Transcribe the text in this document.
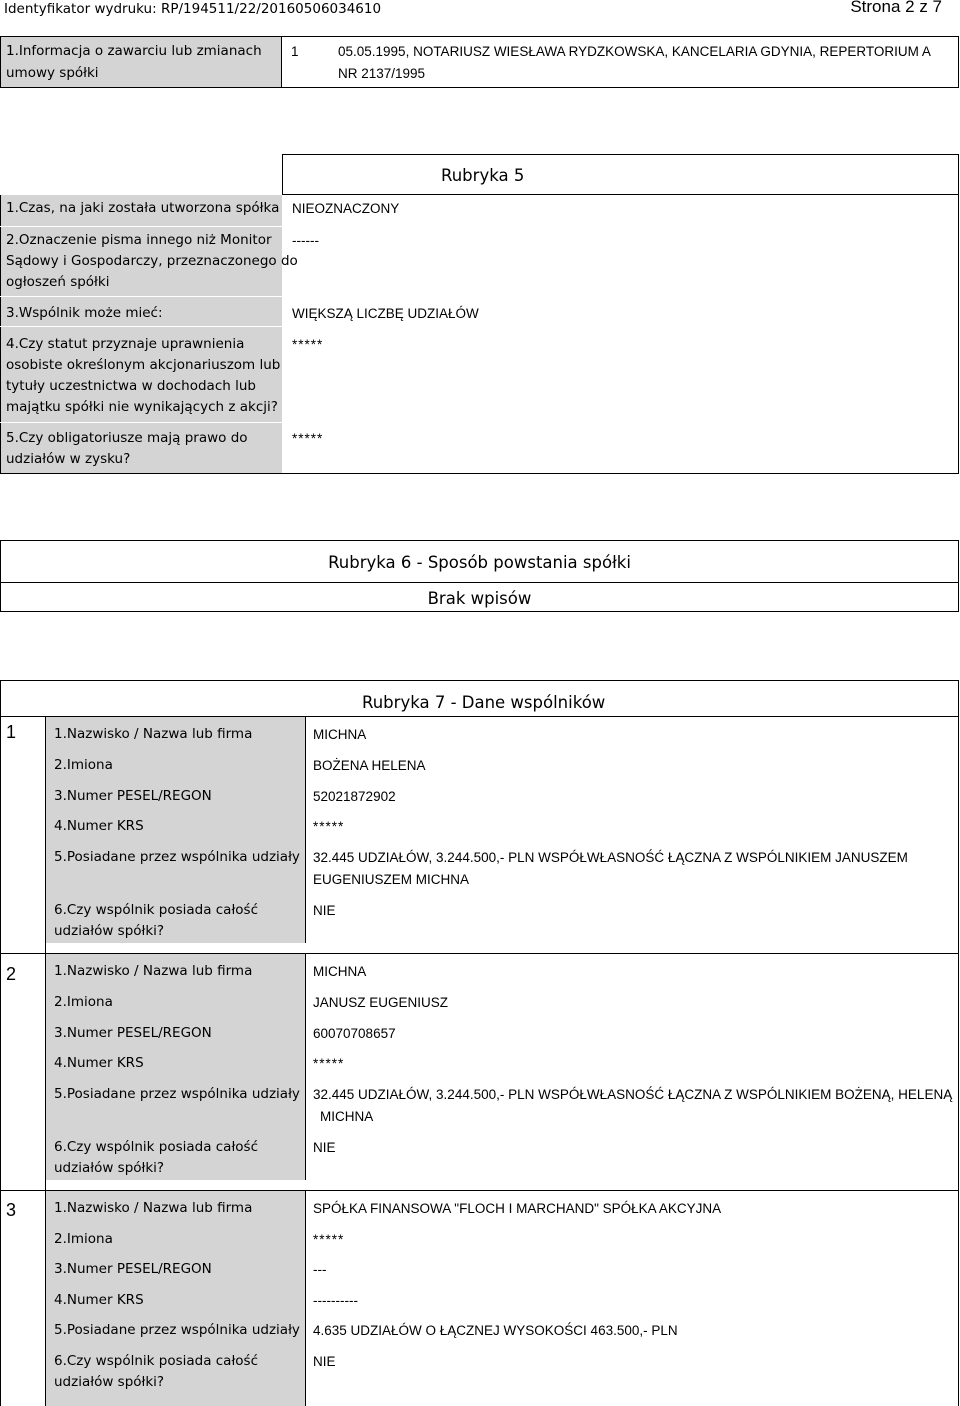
Identyfikator wydruku: RP/194511/22/20160506034610	Strona 2 z 7
1.Informacja o zawarciu lub zmianach
umowy spółki
1	05.05.1995, NOTARIUSZ WIESŁAWA RYDZKOWSKA, KANCELARIA GDYNIA, REPERTORIUM A
NR 2137/1995
Rubryka 5
1.Czas, na jaki została utworzona spółka NIEOZNACZONY
2.Oznaczenie pisma innego niż Monitor
Sądowy i Gospodarczy, przeznaczonego do
ogłoszeń spółki
------
3.Wspólnik może mieć:	WIĘKSZĄ LICZBĘ UDZIAŁÓW
4.Czy statut przyznaje uprawnienia
osobiste określonym akcjonariuszom lub
tytuły uczestnictwa w dochodach lub
majątku spółki nie wynikających z akcji?
*****
5.Czy obligatoriusze mają prawo do
udziałów w zysku?
*****
Rubryka 6 - Sposób powstania spółki
Brak wpisów
Rubryka 7 - Dane wspólników
1	1.Nazwisko / Nazwa lub firma	MICHNA
2.Imiona	BOŻENA HELENA
3.Numer PESEL/REGON	52021872902
4.Numer KRS	*****
5.Posiadane przez wspólnika udziały 32.445 UDZIAŁÓW, 3.244.500,- PLN WSPÓŁWŁASNOŚĆ ŁĄCZNA Z WSPÓLNIKIEM JANUSZEM
EUGENIUSZEM MICHNA
6.Czy wspólnik posiada całość
udziałów spółki?
NIE
2	1.Nazwisko / Nazwa lub firma	MICHNA
2.Imiona	JANUSZ EUGENIUSZ
3.Numer PESEL/REGON	60070708657
4.Numer KRS	*****
5.Posiadane przez wspólnika udziały 32.445 UDZIAŁÓW, 3.244.500,- PLN WSPÓŁWŁASNOŚĆ ŁĄCZNA Z WSPÓLNIKIEM BOŻENĄ, HELENĄ
MICHNA
6.Czy wspólnik posiada całość
udziałów spółki?
NIE
3	1.Nazwisko / Nazwa lub firma	SPÓŁKA FINANSOWA "FLOCH I MARCHAND" SPÓŁKA AKCYJNA
2.Imiona	*****
3.Numer PESEL/REGON	---
4.Numer KRS	----------
5.Posiadane przez wspólnika udziały 4.635 UDZIAŁÓW O ŁĄCZNEJ WYSOKOŚCI 463.500,- PLN
6.Czy wspólnik posiada całość
udziałów spółki?
NIE
